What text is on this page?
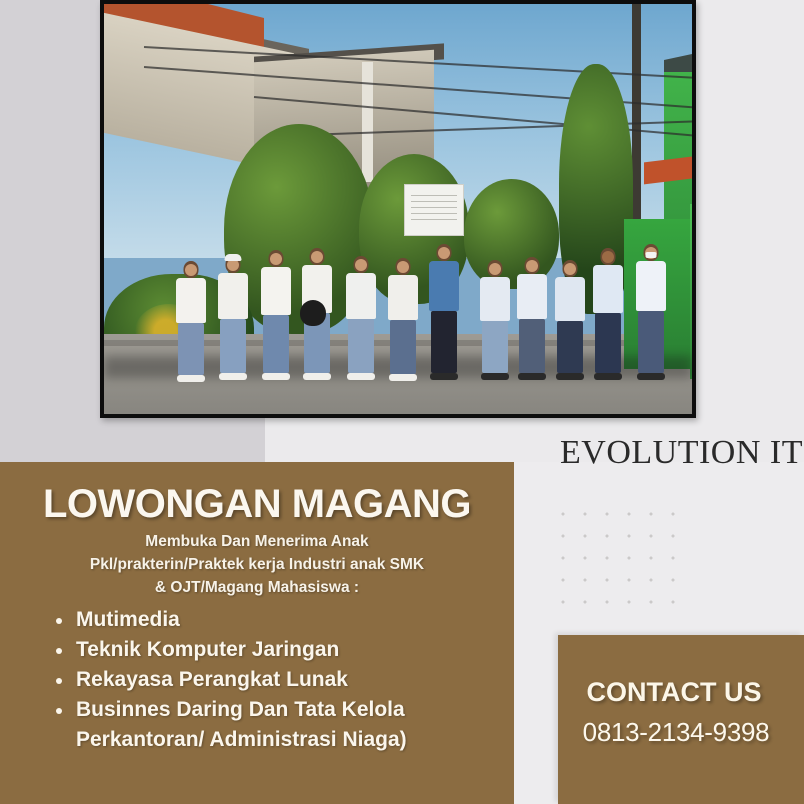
LOWONGAN MAGANG
Membuka Dan Menerima Anak
Pkl/prakterin/Praktek kerja Industri anak SMK
& OJT/Magang Mahasiswa :
Mutimedia
Teknik Komputer Jaringan
Rekayasa Perangkat Lunak
Businnes Daring Dan Tata Kelola
Perkantoran/ Administrasi Niaga)
EVOLUTION IT
CONTACT US
0813-2134-9398
